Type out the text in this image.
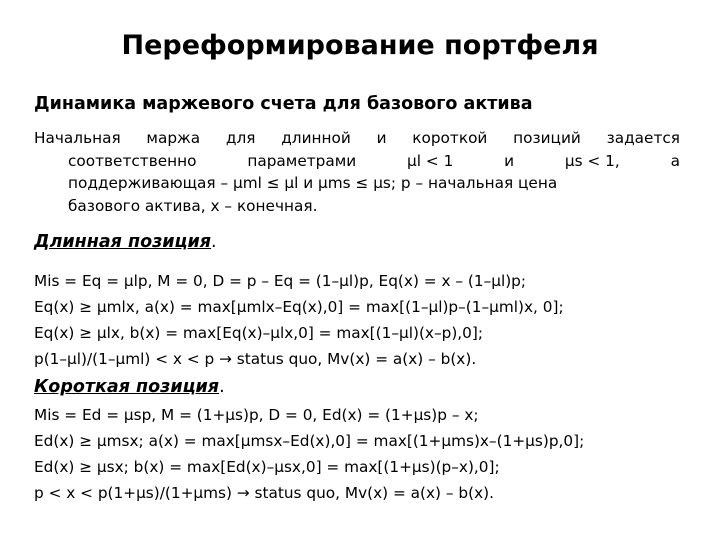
Переформирование портфеля
Динамика маржевого счета для базового актива
Начальная маржа для длинной и короткой позиций задается
соответственно	параметрами	μl < 1	и	μs < 1,	а
поддерживающая – μml ≤ μl и μms ≤ μs; p – начальная цена
базового актива, x – конечная.
Длинная позиция.
Mis = Eq = μlp, M = 0, D = p – Eq = (1–μl)p, Eq(x) = x – (1–μl)p;
Eq(x) ≥ μmlx, a(x) = max[μmlx–Eq(x),0] = max[(1–μl)p–(1–μml)x, 0];
Eq(x) ≥ μlx, b(x) = max[Eq(x)–μlx,0] = max[(1–μl)(x–p),0];
p(1–μl)/(1–μml) < x < p → status quo, Mv(x) = a(x) – b(x).
Короткая позиция.
Mis = Ed = μsp, M = (1+μs)p, D = 0, Ed(x) = (1+μs)p – x;
Ed(x) ≥ μmsx; a(x) = max[μmsx–Ed(x),0] = max[(1+μms)x–(1+μs)p,0];
Ed(x) ≥ μsx; b(x) = max[Ed(x)–μsx,0] = max[(1+μs)(p–x),0];
p < x < p(1+μs)/(1+μms) → status quo, Mv(x) = a(x) – b(x).
